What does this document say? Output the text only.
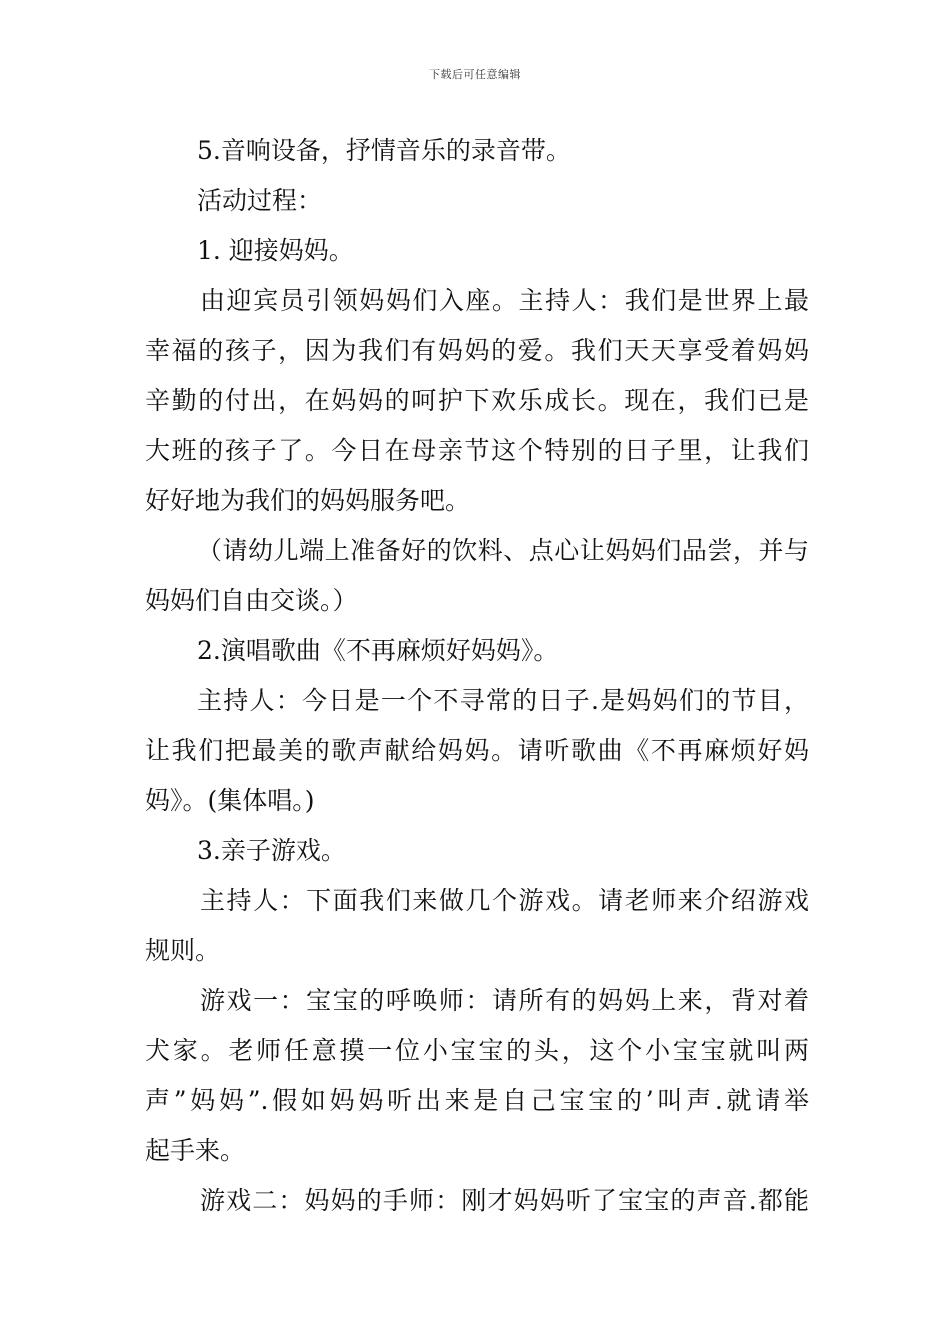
下载后可任意编辑
5.音响设备，抒情音乐的录音带。
活动过程：
1. 迎接妈妈。
由迎宾员引领妈妈们入座。主持人：我们是世界上最
幸福的孩子，因为我们有妈妈的爱。我们天天享受着妈妈
辛勤的付出，在妈妈的呵护下欢乐成长。现在，我们已是
大班的孩子了。今日在母亲节这个特别的日子里，让我们
好好地为我们的妈妈服务吧。
（请幼儿端上准备好的饮料、点心让妈妈们品尝，并与
妈妈们自由交谈。）
2.演唱歌曲《不再麻烦好妈妈》。
主持人：今日是一个不寻常的日子.是妈妈们的节目，
让我们把最美的歌声献给妈妈。请听歌曲《不再麻烦好妈
妈》。(集体唱。)
3.亲子游戏。
主持人：下面我们来做几个游戏。请老师来介绍游戏
规则。
游戏一：宝宝的呼唤师：请所有的妈妈上来，背对着
犬家。老师任意摸一位小宝宝的头，这个小宝宝就叫两
声”妈妈”.假如妈妈听出来是自己宝宝的’叫声.就请举
起手来。
游戏二：妈妈的手师：刚才妈妈听了宝宝的声音.都能
